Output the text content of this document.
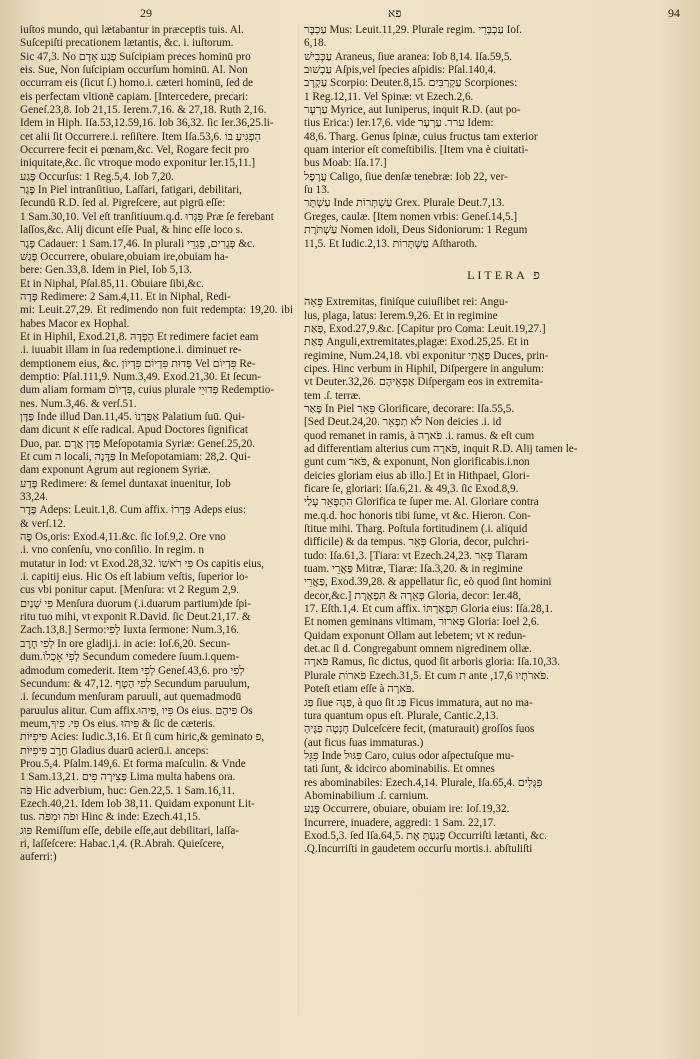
29	פא	94

iuſtos mundo, qui lætabantur in præceptis tuis. Al.

Suſcepiſti precationem lætantis, &c. i. iuſtorum.

Sic 47,3. No פָגַע אָדָם Suſcipiam preces hominū pro

eis. Sue, Non ſuſcipiam occurſum hominū. Al. Non

occurram eis (ſicut ſ.) homo.i. cæteri hominū, ſed de

eis perfectam vltionē capiam. [Intercedere, precari:

Geneſ.23,8. Iob 21,15. Ierem.7,16. & 27,18. Ruth 2,16.

Idem in Hiph. Iſa.53,12.59,16. Iob 36,32. ſic Ier.36,25.li-

cet alii ſit Occurrere.i. reſiſtere. Item Iſa.53,6. הִפְגִּיעַ בּוֹ

Occurrere fecit ei pœnam,&c. Vel, Rogare fecit pro

iniquitate,&c. ſic vtroque modo exponitur Ier.15,11.]

פֶּגַע Occurſus: 1 Reg.5,4. Iob 7,20.

פָּגַר In Piel intranſitiuo, Laſſari, fatigari, debilitari,

ſecundū R.D. ſed al. Pigreſcere, aut pigrū eſſe:

1 Sam.30,10. Vel eſt tranſitiuum.q.d. פִּגְּרוּ Præ ſe ferebant

laſſos,&c. Alij dicunt eſſe Pual, & hinc eſſe loco s.

פֶּגֶר Cadauer: 1 Sam.17,46. In plurali פְּגָרִים, פִּגְרֵי &c.

פָּגַשׁ Occurrere, obuiare,obuiam ire,obuiam ha-

bere: Gen.33,8. Idem in Piel, Iob 5,13.

Et in Niphal, Pſal.85,11. Obuiare ſibi,&c.

פָּדָה Redimere: 2 Sam.4,11. Et in Niphal, Redi-

mi: Leuit.27,29. Et redimendo non fuit redempta: 19,20. ibi habes Macor ex Hophal.

Et in Hiphil, Exod.21,8. הֶפְדָּהּ Et redimere faciet eam

.i. iuuabit illam in ſua redemptione.i. diminuet re-

demptionem eius, &c. פְּדוּת פִּדְיוֹם פִּדְיוֹן Vel פִּדְיוֹם Re-

demptio: Pſal.111,9. Num.3,49. Exod.21,30. Et ſecun-

dum aliam formam פִּדְיוֹם, cuius plurale פְּדוּיֵי Redemptio-

nes. Num.3,46. & verſ.51.

פַּדָּן Inde illud Dan.11,45. אַפַּדְנוֹ Palatium ſuū. Qui-

dam dicunt א eſſe radical. Apud Doctores ſignificat

Duo, par. פַּדַּן אֲרָם Meſopotamia Syriæ: Geneſ.25,20.

Et cum ה locali, פַּדֶּנָה In Meſopotamiam: 28,2. Qui-

dam exponunt Agrum aut regionem Syriæ.

פָּדַע Redimere: & ſemel duntaxat inuenitur, Iob

33,24.

פֶּדֶר Adeps: Leuit.1,8. Cum affix. פִּדְרוֹ Adeps eius:

& verſ.12.

פֶּה Os,oris: Exod.4,11.&c. ſic Ioſ.9,2. Ore vno

.i. vno conſenſu, vno conſilio. In regim. n

mutatur in Iod: vt Exod.28,32. פִּי רֹאשׁוֹ Os capitis eius,

.i. capitij eius. Hic Os eſt labium veſtis, ſuperior lo-

cus vbi ponitur caput. [Menſura: vt 2 Regum 2,9.

פִּי שְׁנַיִם Menſura duorum (.i.duarum partium)de ſpi-

ritu tuo mihi, vt exponit R.David. ſic Deut.21,17. &

Zach.13,8.] Sermo:לְפִי Iuxta ſermone: Num.3,16.

לְפִי חָרֶב In ore gladij.i. in acie: Ioſ.6,20. Secun-

dum.לְפִי אָכְלוֹ Secundum comedere ſuum.i.quem-

admodum comederit. Item לְפִי Geneſ.43,6. pro לְפִי

Secundum: & 47,12. לְפִי הַטָּף Secundum paruulum,

.i. ſecundum menſuram paruuli, aut quemadmodū

paruulus alitur. Cum affix.פִּיו ,פִּיהוּ Os eius. פִּיהֶם Os

meum,פִּי. פִּיךָ Os eius. פִּיהוּ & ſic de cæteris.

פִּיפִיּוֹת Acies: Iudic.3,16. Et ſi cum hiric,& geminato פ,

חֶרֶב פִּיפִיּוֹת Gladius duarū acierū.i. anceps:

Prou.5,4. Pſalm.149,6. Et forma maſculin. & Vnde

1 Sam.13,21. פְּצִירָה פִים Lima multa habens ora.

פֹּה Hic adverbium, huc: Gen.22,5. 1 Sam.16,11.

Ezech.40,21. Idem Iob 38,11. Quidam exponunt Lit-

tus. וּפֹה וּמִפֹּה Hinc & inde: Ezech.41,15.

פּוּג Remiſſum eſſe, debile eſſe,aut debilitari, laſſa-

ri, laſſeſcere: Habac.1,4. (R.Abrah. Quieſcere,

auferri:)

עַכְבָּר Mus: Leuit.11,29. Plurale regim. עַכְבְּרֵי Ioſ.

6,18.

עַכָּבִישׁ Araneus, ſiue aranea: Iob 8,14. Iſa.59,5.

עַכְשׁוּב Aſpis,vel ſpecies aſpidis: Pſal.140,4.

עַקְרָב Scorpio: Deuter.8,15. עַקְרַבִּים Scorpiones:

1 Reg.12,11. Vel Spinæ: vt Ezech.2,6.

עַרְעָר Myrice, aut Iuniperus, inquit R.D. (aut po-

tius Erica:) Ier.17,6. vide ערר. עַרְעָר Idem:

48,6. Tharg. Genus ſpinæ, cuius fructus tam exterior

quam interior eſt comeſtibilis. [Item vna è ciuitati-

bus Moab: Iſa.17.]

עֲרָפֶל Caligo, ſiue denſæ tenebræ: Iob 22, ver-

ſu 13.

עַשְׁתָּר Inde עַשְׁתְּרוֹת Grex. Plurale Deut.7,13.

Greges, caulæ. [Item nomen vrbis: Geneſ.14,5.]

עַשְׁתֹּרֶת Nomen idoli, Deus Sidoniorum: 1 Regum

11,5. Et Iudic.2,13. עַשְׁתָּרוֹת Aſtharoth.

LITERA פ

פֵּאָה Extremitas, finiſque cuiuſlibet rei: Angu-

lus, plaga, latus: Ierem.9,26. Et in regimine

פְּאַת, Exod.27,9.&c. [Capitur pro Coma: Leuit.19,27.]

פְּאַת Anguli,extremitates,plagæ: Exod.25,25. Et in

regimine, Num.24,18. vbi exponitur פַּאֲתֵי Duces, prin-

cipes. Hinc verbum in Hiphil, Diſpergere in angulum:

vt Deuter.32,26. אַפְאֵיהֶם Diſpergam eos in extremita-

tem .ſ. terræ.

פָּאַר In Piel פֵּאֵר Glorificare, decorare: Iſa.55,5.

[Sed Deut.24,20. לֹא תְפָאֵר Non deicies .i. id

quod remanet in ramis, à פֹּארָה .i. ramus. & eſt cum

ad differentiam alterius cum פֹּארָה, inquit R.D. Alij tamen le-

gunt cum פֹּאר, & exponunt, Non glorificabis.i.non

deicies gloriam eius ab illo.] Et in Hithpael, Glori-

ficare ſe, gloriari: Iſa.6,21. & 49,3. ſic Exod.8,9.

הִתְפָּאֵר עָלַי Glorifica te ſuper me. Al. Gloriare contra

me.q.d. hoc honoris tibi ſume, vt &c. Hieron. Con-

ſtitue mihi. Tharg. Poſtula fortitudinem (.i. aliquid

difficile) & da tempus. פְּאֵר Gloria, decor, pulchri-

tudo: Iſa.61,3. [Tiara: vt Ezech.24,23. פְּאֵר Tiaram

tuam. פַּאֲרֵי Mitræ, Tiaræ: Iſa.3,20. & in regimine

פַּאֲרֵי, Exod.39,28. & appellatur ſic, eò quod ſint homini

decor,&c.] פְּאֵרָה & תִּפְאֶרֶת Gloria, decor: Ier.48,

17. Eſth.1,4. Et cum affix. תִּפְאַרְתּוֹ Gloria eius: Iſa.28,1.

Et nomen geminans vltimam, פָּארוּר Gloria: Ioel 2,6.

Quidam exponunt Ollam aut lebetem; vt א redun-

det.ac ſi d. Congregabunt omnem nigredinem ollæ.

פֹּארָה Ramus, ſic dictus, quod ſit arboris gloria: Iſa.10,33.

Plurale פֹּארוֹת Ezech.31,5. Et cum ת ante ,פֹּארֹתָיו 17,6.

Poteſt etiam eſſe à פֹּארָה.

פַּג ſiue פַּגָּה, à quo ſit פַּג Ficus immatura, aut no ma-

tura quantum opus eſt. Plurale, Cantic.2,13.

חָנְטָה פַגֶּיהָ Dulceſcere fecit, (maturauit) groſſos ſuos

(aut ficus ſuas immaturas.)

פִּגֵּל Inde פִּגּוּל Caro, cuius odor aſpectuſque mu-

tati ſunt, & idcirco abominabilis. Et omnes

res abominabiles: Ezech.4,14. Plurale, Iſa.65,4. פִּגֻּלִים

Abominabilium .ſ. carnium.

פָּגַע Occurrere, obuiare, obuiam ire: Ioſ.19,32.

Incurrere, inuadere, aggredi: 1 Sam. 22,17.

Exod.5,3. ſed Iſa.64,5. פָּגַעְתָּ אֶת Occurriſti lætanti, &c.

.Q.Incurriſti in gaudetem occurſu mortis.i. abſtuliſti
